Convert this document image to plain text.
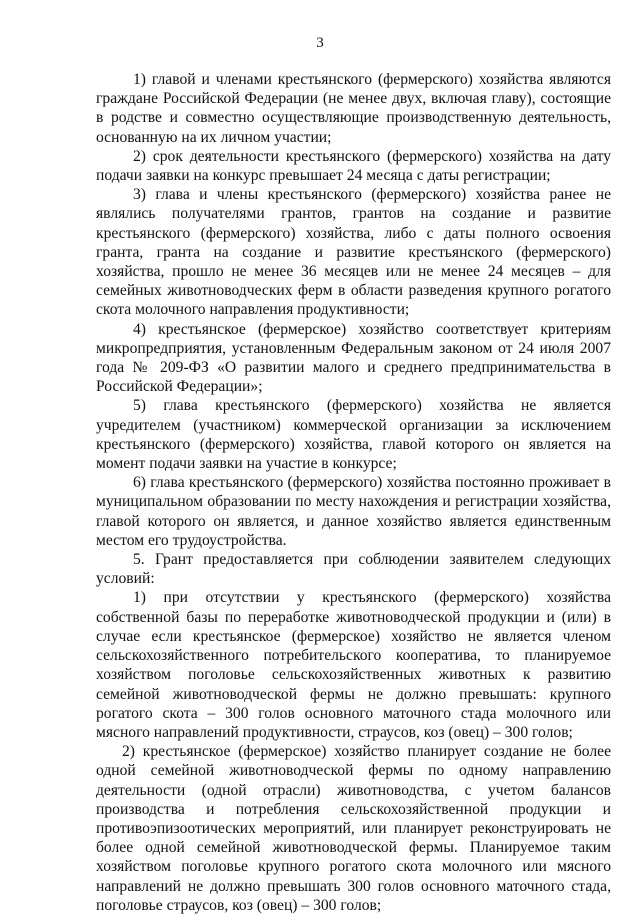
3

1) главой и членами крестьянского (фермерского) хозяйства являются граждане Российской Федерации (не менее двух, включая главу), состоящие в родстве и совместно осуществляющие производственную деятельность, основанную на их личном участии;

2) срок деятельности крестьянского (фермерского) хозяйства на дату подачи заявки на конкурс превышает 24 месяца с даты регистрации;

3) глава и члены крестьянского (фермерского) хозяйства ранее не являлись получателями грантов, грантов на создание и развитие крестьянского (фермерского) хозяйства, либо с даты полного освоения гранта, гранта на создание и развитие крестьянского (фермерского) хозяйства, прошло не менее 36 месяцев или не менее 24 месяцев – для семейных животноводческих ферм в области разведения крупного рогатого скота молочного направления продуктивности;

4) крестьянское (фермерское) хозяйство соответствует критериям микропредприятия, установленным Федеральным законом от 24 июля 2007 года № 209-ФЗ «О развитии малого и среднего предпринимательства в Российской Федерации»;

5) глава крестьянского (фермерского) хозяйства не является учредителем (участником) коммерческой организации за исключением крестьянского (фермерского) хозяйства, главой которого он является на момент подачи заявки на участие в конкурсе;

6) глава крестьянского (фермерского) хозяйства постоянно проживает в муниципальном образовании по месту нахождения и регистрации хозяйства, главой которого он является, и данное хозяйство является единственным местом его трудоустройства.

5. Грант предоставляется при соблюдении заявителем следующих условий:

1) при отсутствии у крестьянского (фермерского) хозяйства собственной базы по переработке животноводческой продукции и (или) в случае если крестьянское (фермерское) хозяйство не является членом сельскохозяйственного потребительского кооператива, то планируемое хозяйством поголовье сельскохозяйственных животных к развитию семейной животноводческой фермы не должно превышать: крупного рогатого скота – 300 голов основного маточного стада молочного или мясного направлений продуктивности, страусов, коз (овец) – 300 голов;

2) крестьянское (фермерское) хозяйство планирует создание не более одной семейной животноводческой фермы по одному направлению деятельности (одной отрасли) животноводства, с учетом балансов производства и потребления сельскохозяйственной продукции и противоэпизоотических мероприятий, или планирует реконструировать не более одной семейной животноводческой фермы. Планируемое таким хозяйством поголовье крупного рогатого скота молочного или мясного направлений не должно превышать 300 голов основного маточного стада, поголовье страусов, коз (овец) – 300 голов;
